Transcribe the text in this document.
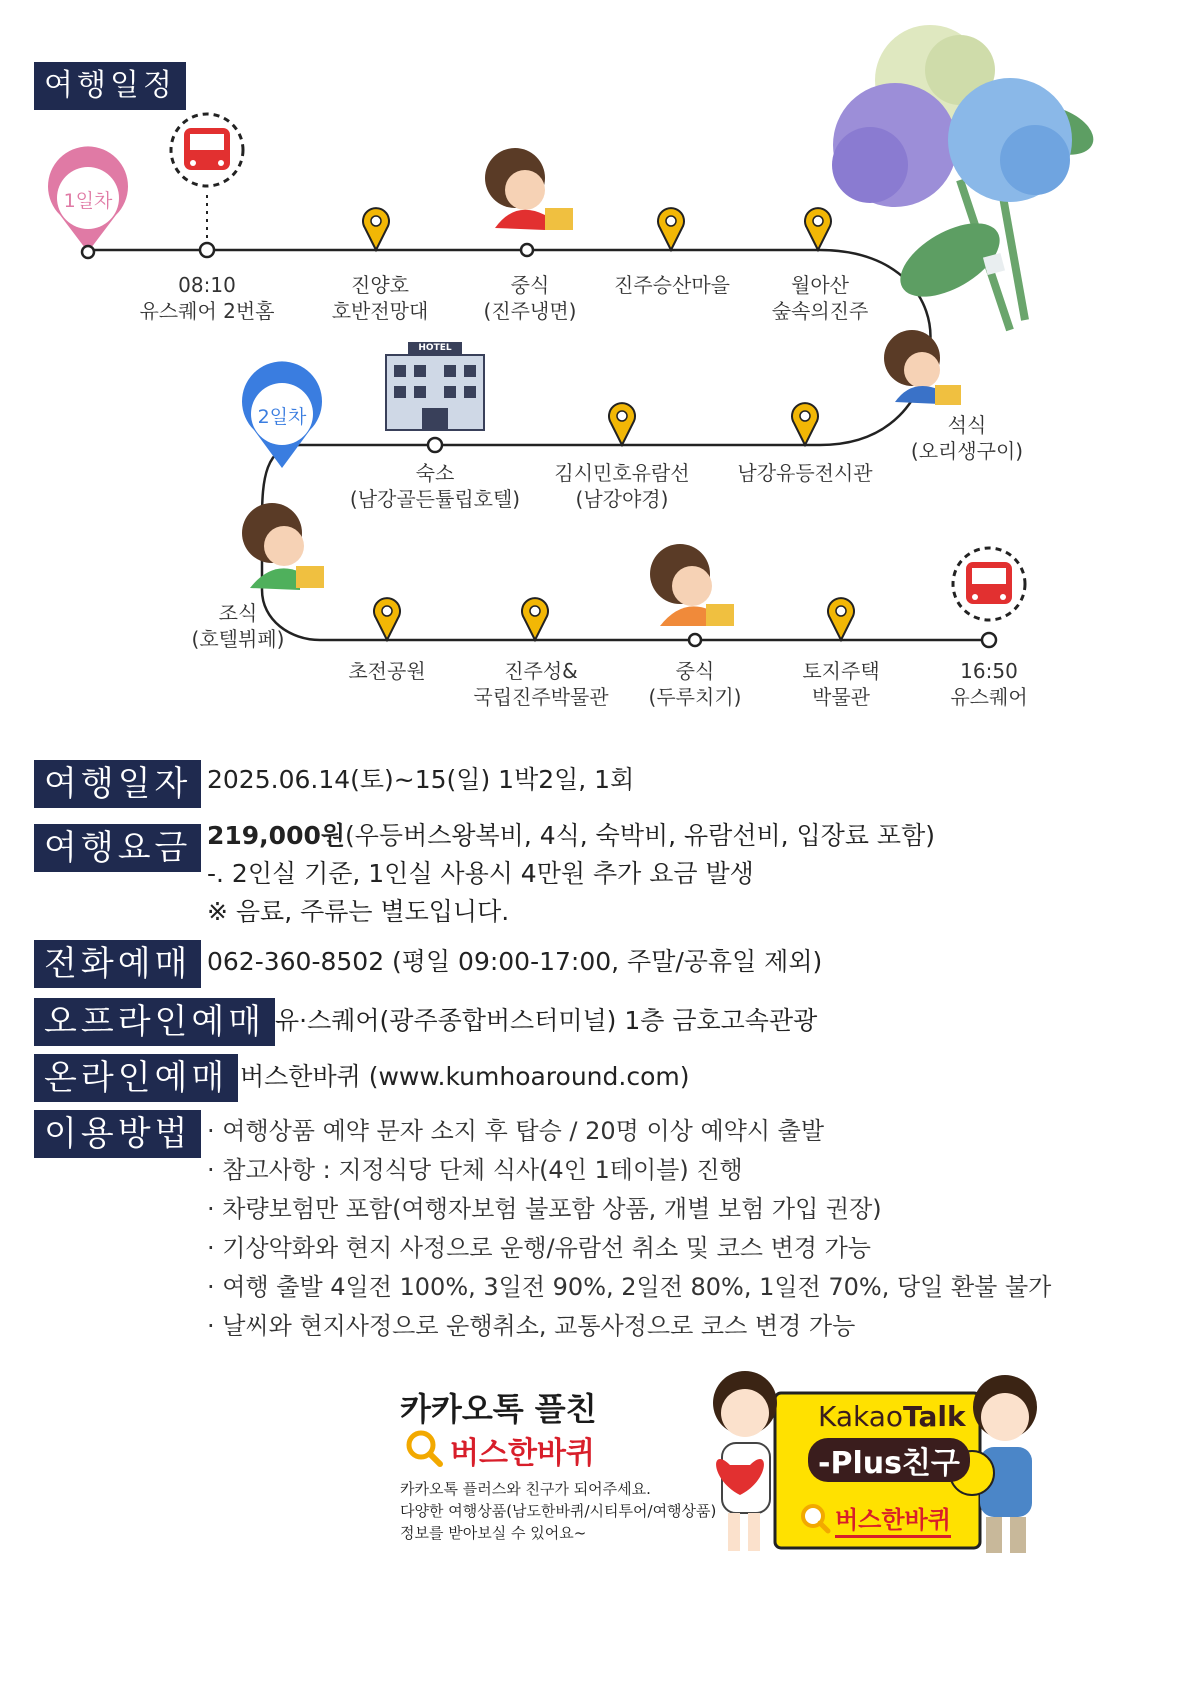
여행일정
1일차
2일차
HOTEL
08:10
유스퀘어 2번홈
진양호
호반전망대
중식
(진주냉면)
진주승산마을	월아산
숲속의진주
석식
(오리생구이)
남강유등전시관
김시민호유람선
(남강야경)
숙소
(남강골든튤립호텔)
조식
(호텔뷔페)
초전공원	진주성&
국립진주박물관
중식
(두루치기)
토지주택
박물관
16:50
유스퀘어
여행일자 2025.06.14(토)~15(일) 1박2일, 1회
여행요금 219,000원(우등버스왕복비, 4식, 숙박비, 유람선비, 입장료 포함)
-. 2인실 기준, 1인실 사용시 4만원 추가 요금 발생
※ 음료, 주류는 별도입니다.
전화예매 062-360-8502 (평일 09:00-17:00, 주말/공휴일 제외)
오프라인예매 유·스퀘어(광주종합버스터미널) 1층 금호고속관광
온라인예매 버스한바퀴 (www.kumhoaround.com)
이용방법 · 여행상품 예약 문자 소지 후 탑승 / 20명 이상 예약시 출발
· 참고사항 : 지정식당 단체 식사(4인 1테이블) 진행
· 차량보험만 포함(여행자보험 불포함 상품, 개별 보험 가입 권장)
· 기상악화와 현지 사정으로 운행/유람선 취소 및 코스 변경 가능
· 여행 출발 4일전 100%, 3일전 90%, 2일전 80%, 1일전 70%, 당일 환불 불가
· 날씨와 현지사정으로 운행취소, 교통사정으로 코스 변경 가능
카카오톡 플친
버스한바퀴
카카오톡 플러스와 친구가 되어주세요.
다양한 여행상품(남도한바퀴/시티투어/여행상품)
정보를 받아보실 수 있어요~
KakaoTalk
-Plus친구
버스한바퀴
